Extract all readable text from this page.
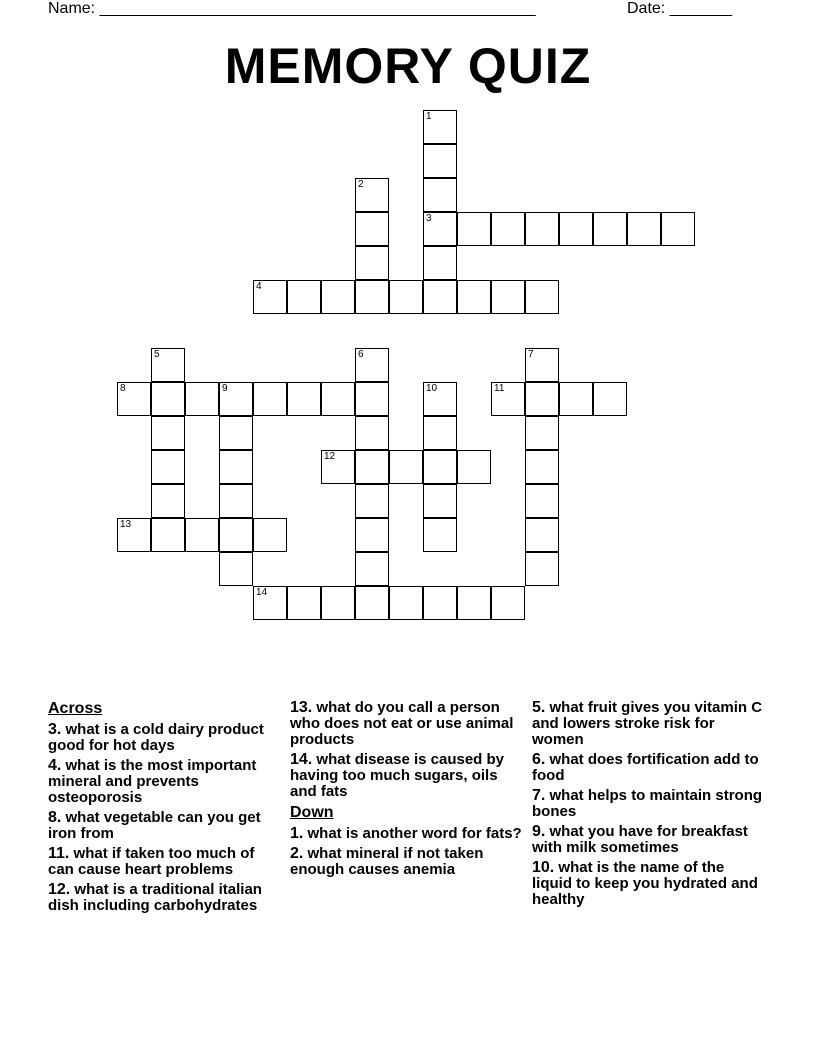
Name: _________________________________________________	Date: _______
MEMORY QUIZ
1
2
3
4
5	6	7
8	9	10	11
12
13
14
Across
3. what is a cold dairy product good for hot days
4. what is the most important mineral and prevents osteoporosis
8. what vegetable can you get iron from
11. what if taken too much of can cause heart problems
12. what is a traditional italian dish including carbohydrates
13. what do you call a person who does not eat or use animal products
14. what disease is caused by having too much sugars, oils and fats
Down
1. what is another word for fats?
2. what mineral if not taken enough causes anemia
5. what fruit gives you vitamin C and lowers stroke risk for women
6. what does fortification add to food
7. what helps to maintain strong bones
9. what you have for breakfast with milk sometimes
10. what is the name of the liquid to keep you hydrated and healthy
